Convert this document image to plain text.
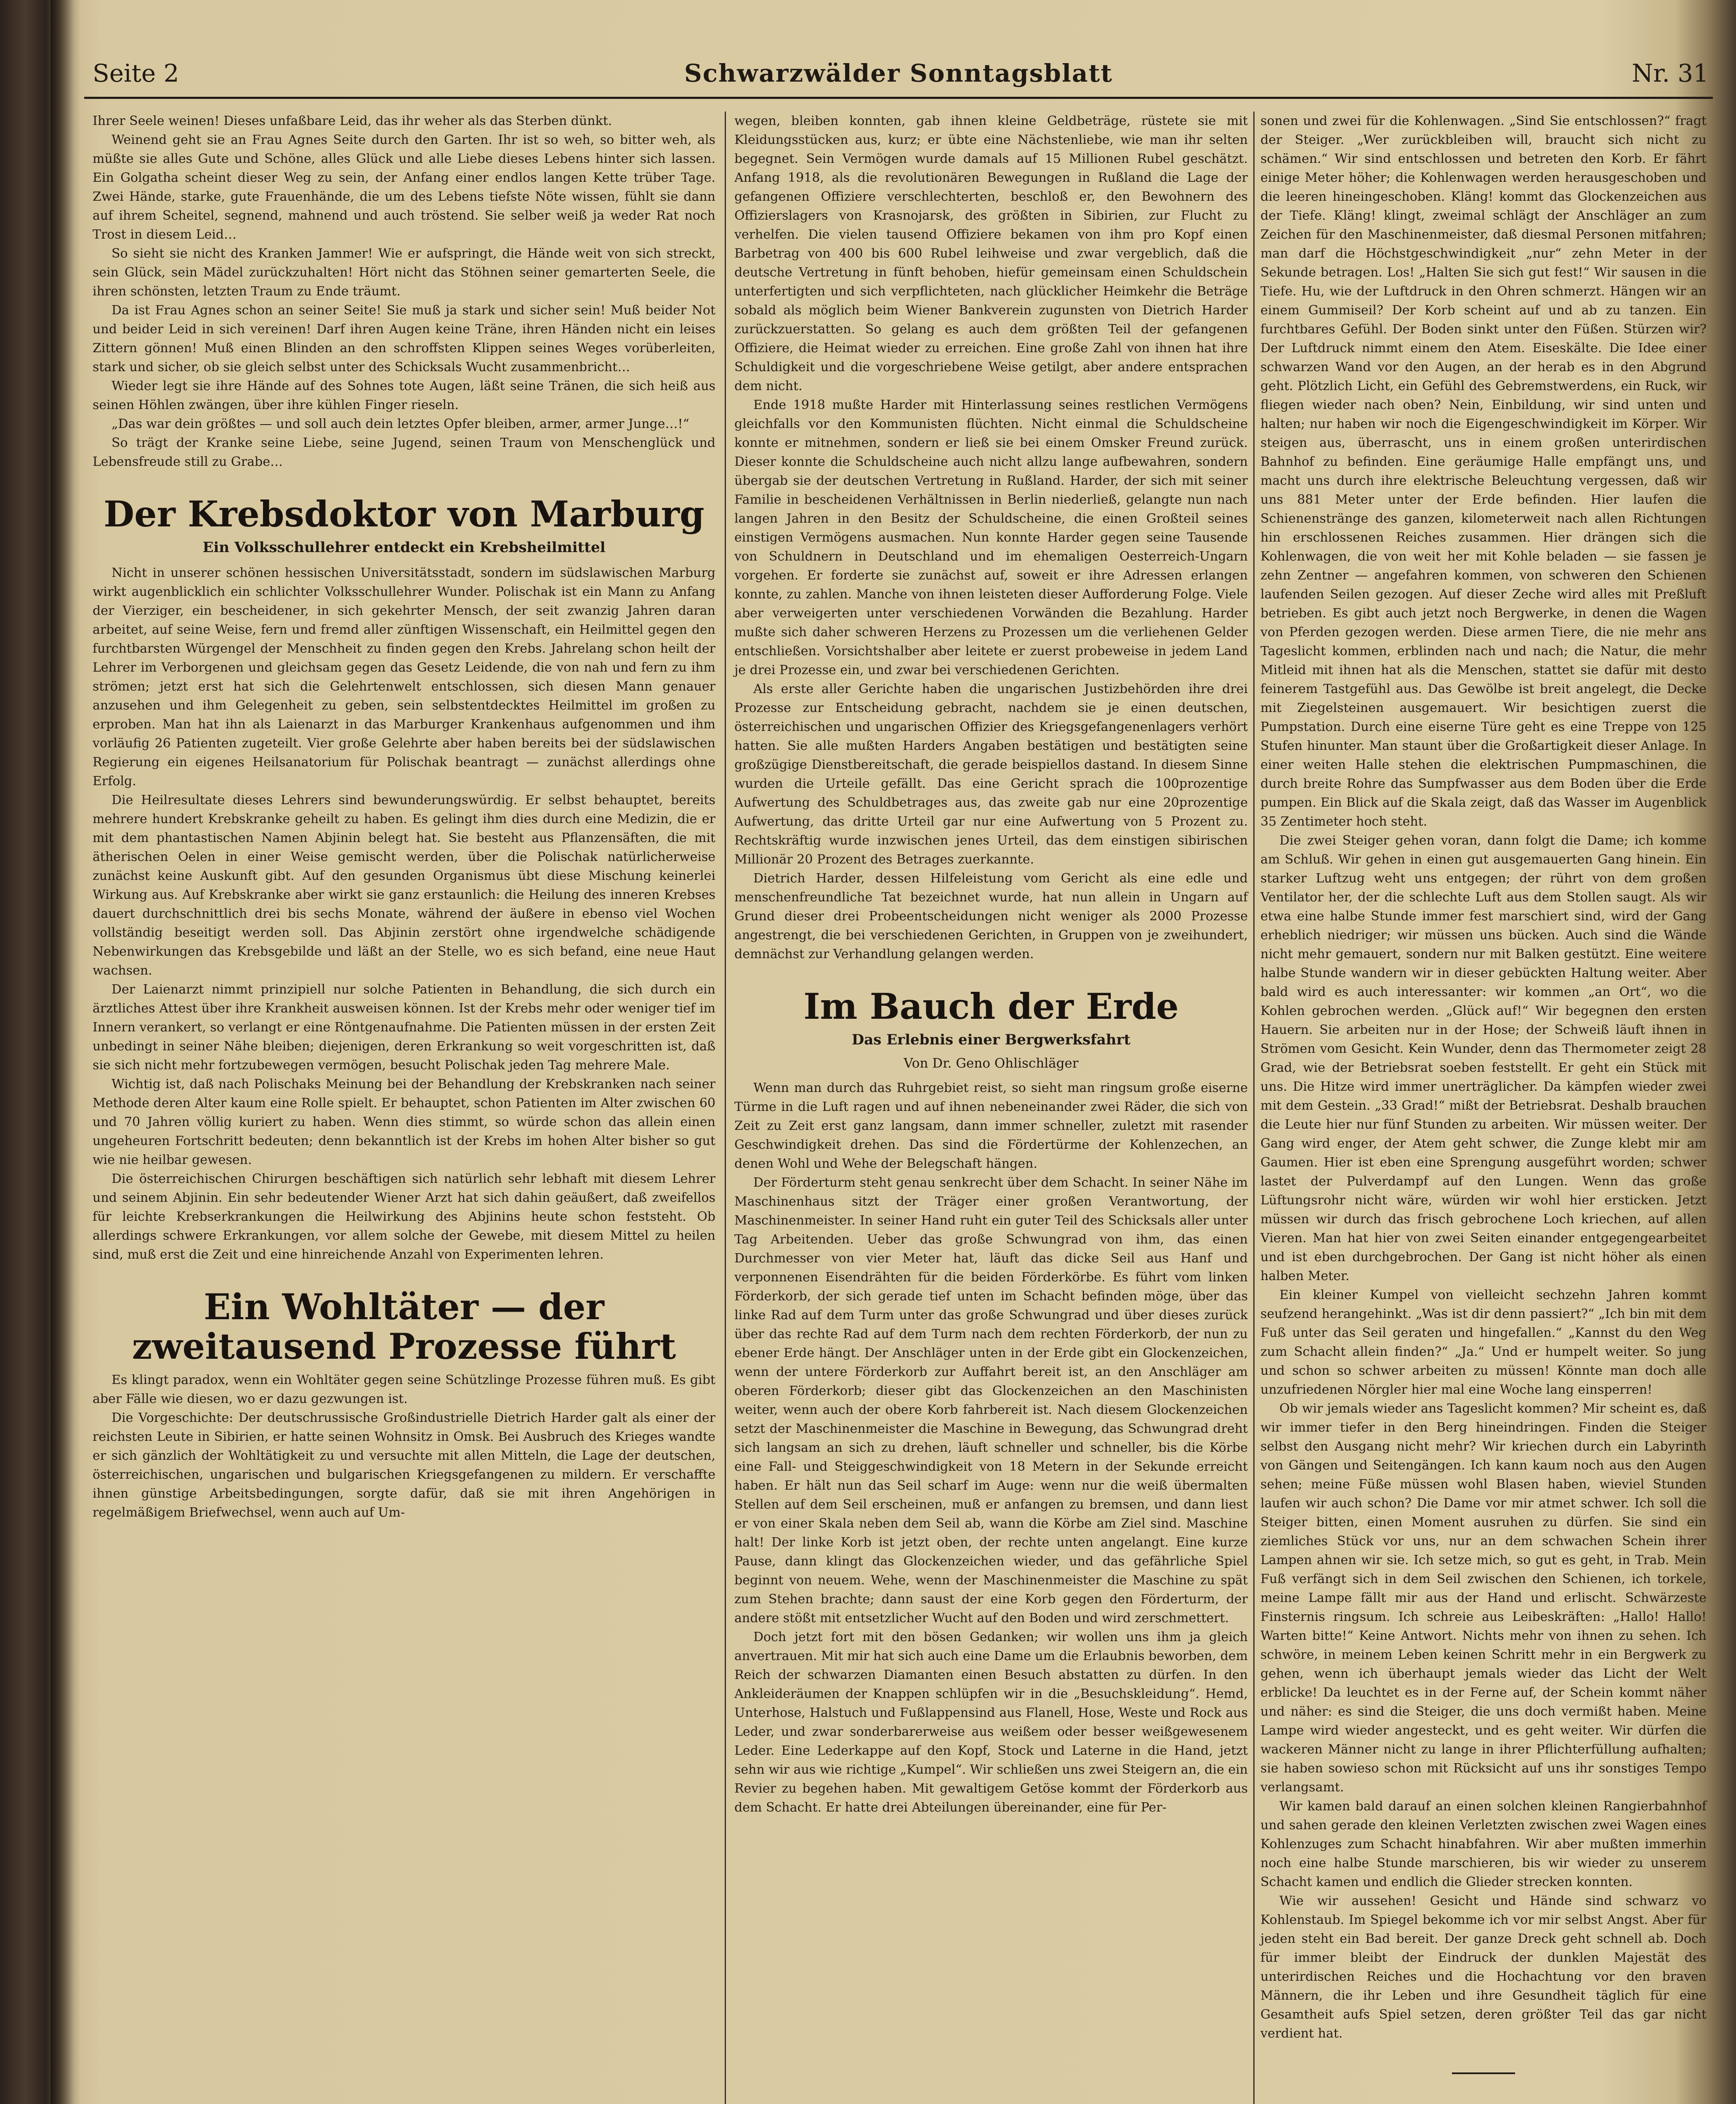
Seite 2	Schwarzwälder Sonntagsblatt	Nr. 31

Ihrer Seele weinen! Dieses unfaßbare Leid, das ihr weher als das Sterben dünkt.

Weinend geht sie an Frau Agnes Seite durch den Garten. Ihr ist so weh, so bitter weh, als müßte sie alles Gute und Schöne, alles Glück und alle Liebe dieses Lebens hinter sich lassen. Ein Golgatha scheint dieser Weg zu sein, der Anfang einer endlos langen Kette trüber Tage. Zwei Hände, starke, gute Frauenhände, die um des Lebens tiefste Nöte wissen, fühlt sie dann auf ihrem Scheitel, segnend, mahnend und auch tröstend. Sie selber weiß ja weder Rat noch Trost in diesem Leid…

So sieht sie nicht des Kranken Jammer! Wie er aufspringt, die Hände weit von sich streckt, sein Glück, sein Mädel zurückzuhalten! Hört nicht das Stöhnen seiner gemarterten Seele, die ihren schönsten, letzten Traum zu Ende träumt.

Da ist Frau Agnes schon an seiner Seite! Sie muß ja stark und sicher sein! Muß beider Not und beider Leid in sich vereinen! Darf ihren Augen keine Träne, ihren Händen nicht ein leises Zittern gönnen! Muß einen Blinden an den schroffsten Klippen seines Weges vorüberleiten, stark und sicher, ob sie gleich selbst unter des Schicksals Wucht zusammenbricht…

Wieder legt sie ihre Hände auf des Sohnes tote Augen, läßt seine Tränen, die sich heiß aus seinen Höhlen zwängen, über ihre kühlen Finger rieseln.

„Das war dein größtes — und soll auch dein letztes Opfer bleiben, armer, armer Junge…!“

So trägt der Kranke seine Liebe, seine Jugend, seinen Traum von Menschenglück und Lebensfreude still zu Grabe…

Der Krebsdoktor von Marburg
Ein Volksschullehrer entdeckt ein Krebsheilmittel

Nicht in unserer schönen hessischen Universitätsstadt, sondern im südslawischen Marburg wirkt augenblicklich ein schlichter Volksschullehrer Wunder. Polischak ist ein Mann zu Anfang der Vierziger, ein bescheidener, in sich gekehrter Mensch, der seit zwanzig Jahren daran arbeitet, auf seine Weise, fern und fremd aller zünftigen Wissenschaft, ein Heilmittel gegen den furchtbarsten Würgengel der Menschheit zu finden gegen den Krebs. Jahrelang schon heilt der Lehrer im Verborgenen und gleichsam gegen das Gesetz Leidende, die von nah und fern zu ihm strömen; jetzt erst hat sich die Gelehrtenwelt entschlossen, sich diesen Mann genauer anzusehen und ihm Gelegenheit zu geben, sein selbstentdecktes Heilmittel im großen zu erproben. Man hat ihn als Laienarzt in das Marburger Krankenhaus aufgenommen und ihm vorläufig 26 Patienten zugeteilt. Vier große Gelehrte aber haben bereits bei der südslawischen Regierung ein eigenes Heilsanatorium für Polischak beantragt — zunächst allerdings ohne Erfolg.

Die Heilresultate dieses Lehrers sind bewunderungswürdig. Er selbst behauptet, bereits mehrere hundert Krebskranke geheilt zu haben. Es gelingt ihm dies durch eine Medizin, die er mit dem phantastischen Namen Abjinin belegt hat. Sie besteht aus Pflanzensäften, die mit ätherischen Oelen in einer Weise gemischt werden, über die Polischak natürlicherweise zunächst keine Auskunft gibt. Auf den gesunden Organismus übt diese Mischung keinerlei Wirkung aus. Auf Krebskranke aber wirkt sie ganz erstaunlich: die Heilung des inneren Krebses dauert durchschnittlich drei bis sechs Monate, während der äußere in ebenso viel Wochen vollständig beseitigt werden soll. Das Abjinin zerstört ohne irgendwelche schädigende Nebenwirkungen das Krebsgebilde und läßt an der Stelle, wo es sich befand, eine neue Haut wachsen.

Der Laienarzt nimmt prinzipiell nur solche Patienten in Behandlung, die sich durch ein ärztliches Attest über ihre Krankheit ausweisen können. Ist der Krebs mehr oder weniger tief im Innern verankert, so verlangt er eine Röntgenaufnahme. Die Patienten müssen in der ersten Zeit unbedingt in seiner Nähe bleiben; diejenigen, deren Erkrankung so weit vorgeschritten ist, daß sie sich nicht mehr fortzubewegen vermögen, besucht Polischak jeden Tag mehrere Male.

Wichtig ist, daß nach Polischaks Meinung bei der Behandlung der Krebskranken nach seiner Methode deren Alter kaum eine Rolle spielt. Er behauptet, schon Patienten im Alter zwischen 60 und 70 Jahren völlig kuriert zu haben. Wenn dies stimmt, so würde schon das allein einen ungeheuren Fortschritt bedeuten; denn bekanntlich ist der Krebs im hohen Alter bisher so gut wie nie heilbar gewesen.

Die österreichischen Chirurgen beschäftigen sich natürlich sehr lebhaft mit diesem Lehrer und seinem Abjinin. Ein sehr bedeutender Wiener Arzt hat sich dahin geäußert, daß zweifellos für leichte Krebserkrankungen die Heilwirkung des Abjinins heute schon feststeht. Ob allerdings schwere Erkrankungen, vor allem solche der Gewebe, mit diesem Mittel zu heilen sind, muß erst die Zeit und eine hinreichende Anzahl von Experimenten lehren.

Ein Wohltäter — der zweitausend Prozesse führt

Es klingt paradox, wenn ein Wohltäter gegen seine Schützlinge Prozesse führen muß. Es gibt aber Fälle wie diesen, wo er dazu gezwungen ist.

Die Vorgeschichte: Der deutschrussische Großindustrielle Dietrich Harder galt als einer der reichsten Leute in Sibirien, er hatte seinen Wohnsitz in Omsk. Bei Ausbruch des Krieges wandte er sich gänzlich der Wohltätigkeit zu und versuchte mit allen Mitteln, die Lage der deutschen, österreichischen, ungarischen und bulgarischen Kriegsgefangenen zu mildern. Er verschaffte ihnen günstige Arbeitsbedingungen, sorgte dafür, daß sie mit ihren Angehörigen in regelmäßigem Briefwechsel, wenn auch auf Um-

wegen, bleiben konnten, gab ihnen kleine Geldbeträge, rüstete sie mit Kleidungsstücken aus, kurz; er übte eine Nächstenliebe, wie man ihr selten begegnet. Sein Vermögen wurde damals auf 15 Millionen Rubel geschätzt. Anfang 1918, als die revolutionären Bewegungen in Rußland die Lage der gefangenen Offiziere verschlechterten, beschloß er, den Bewohnern des Offizierslagers von Krasnojarsk, des größten in Sibirien, zur Flucht zu verhelfen. Die vielen tausend Offiziere bekamen von ihm pro Kopf einen Barbetrag von 400 bis 600 Rubel leihweise und zwar vergeblich, daß die deutsche Vertretung in fünft behoben, hiefür gemeinsam einen Schuldschein unterfertigten und sich verpflichteten, nach glücklicher Heimkehr die Beträge sobald als möglich beim Wiener Bankverein zugunsten von Dietrich Harder zurückzuerstatten. So gelang es auch dem größten Teil der gefangenen Offiziere, die Heimat wieder zu erreichen. Eine große Zahl von ihnen hat ihre Schuldigkeit und die vorgeschriebene Weise getilgt, aber andere entsprachen dem nicht.

Ende 1918 mußte Harder mit Hinterlassung seines restlichen Vermögens gleichfalls vor den Kommunisten flüchten. Nicht einmal die Schuldscheine konnte er mitnehmen, sondern er ließ sie bei einem Omsker Freund zurück. Dieser konnte die Schuldscheine auch nicht allzu lange aufbewahren, sondern übergab sie der deutschen Vertretung in Rußland. Harder, der sich mit seiner Familie in bescheidenen Verhältnissen in Berlin niederließ, gelangte nun nach langen Jahren in den Besitz der Schuldscheine, die einen Großteil seines einstigen Vermögens ausmachen. Nun konnte Harder gegen seine Tausende von Schuldnern in Deutschland und im ehemaligen Oesterreich-Ungarn vorgehen. Er forderte sie zunächst auf, soweit er ihre Adressen erlangen konnte, zu zahlen. Manche von ihnen leisteten dieser Aufforderung Folge. Viele aber verweigerten unter verschiedenen Vorwänden die Bezahlung. Harder mußte sich daher schweren Herzens zu Prozessen um die verliehenen Gelder entschließen. Vorsichtshalber aber leitete er zuerst probeweise in jedem Land je drei Prozesse ein, und zwar bei verschiedenen Gerichten.

Als erste aller Gerichte haben die ungarischen Justizbehörden ihre drei Prozesse zur Entscheidung gebracht, nachdem sie je einen deutschen, österreichischen und ungarischen Offizier des Kriegsgefangenenlagers verhört hatten. Sie alle mußten Harders Angaben bestätigen und bestätigten seine großzügige Dienstbereitschaft, die gerade beispiellos dastand. In diesem Sinne wurden die Urteile gefällt. Das eine Gericht sprach die 100prozentige Aufwertung des Schuldbetrages aus, das zweite gab nur eine 20prozentige Aufwertung, das dritte Urteil gar nur eine Aufwertung von 5 Prozent zu. Rechtskräftig wurde inzwischen jenes Urteil, das dem einstigen sibirischen Millionär 20 Prozent des Betrages zuerkannte.

Dietrich Harder, dessen Hilfeleistung vom Gericht als eine edle und menschenfreundliche Tat bezeichnet wurde, hat nun allein in Ungarn auf Grund dieser drei Probeentscheidungen nicht weniger als 2000 Prozesse angestrengt, die bei verschiedenen Gerichten, in Gruppen von je zweihundert, demnächst zur Verhandlung gelangen werden.

Im Bauch der Erde
Das Erlebnis einer Bergwerksfahrt
Von Dr. Geno Ohlischläger

Wenn man durch das Ruhrgebiet reist, so sieht man ringsum große eiserne Türme in die Luft ragen und auf ihnen nebeneinander zwei Räder, die sich von Zeit zu Zeit erst ganz langsam, dann immer schneller, zuletzt mit rasender Geschwindigkeit drehen. Das sind die Fördertürme der Kohlenzechen, an denen Wohl und Wehe der Belegschaft hängen.

Der Förderturm steht genau senkrecht über dem Schacht. In seiner Nähe im Maschinenhaus sitzt der Träger einer großen Verantwortung, der Maschinenmeister. In seiner Hand ruht ein guter Teil des Schicksals aller unter Tag Arbeitenden. Ueber das große Schwungrad von ihm, das einen Durchmesser von vier Meter hat, läuft das dicke Seil aus Hanf und verponnenen Eisendrähten für die beiden Förderkörbe. Es führt vom linken Förderkorb, der sich gerade tief unten im Schacht befinden möge, über das linke Rad auf dem Turm unter das große Schwungrad und über dieses zurück über das rechte Rad auf dem Turm nach dem rechten Förderkorb, der nun zu ebener Erde hängt. Der Anschläger unten in der Erde gibt ein Glockenzeichen, wenn der untere Förderkorb zur Auffahrt bereit ist, an den Anschläger am oberen Förderkorb; dieser gibt das Glockenzeichen an den Maschinisten weiter, wenn auch der obere Korb fahrbereit ist. Nach diesem Glockenzeichen setzt der Maschinenmeister die Maschine in Bewegung, das Schwungrad dreht sich langsam an sich zu drehen, läuft schneller und schneller, bis die Körbe eine Fall- und Steiggeschwindigkeit von 18 Metern in der Sekunde erreicht haben. Er hält nun das Seil scharf im Auge: wenn nur die weiß übermalten Stellen auf dem Seil erscheinen, muß er anfangen zu bremsen, und dann liest er von einer Skala neben dem Seil ab, wann die Körbe am Ziel sind. Maschine halt! Der linke Korb ist jetzt oben, der rechte unten angelangt. Eine kurze Pause, dann klingt das Glockenzeichen wieder, und das gefährliche Spiel beginnt von neuem. Wehe, wenn der Maschinenmeister die Maschine zu spät zum Stehen brachte; dann saust der eine Korb gegen den Förderturm, der andere stößt mit entsetzlicher Wucht auf den Boden und wird zerschmettert.

Doch jetzt fort mit den bösen Gedanken; wir wollen uns ihm ja gleich anvertrauen. Mit mir hat sich auch eine Dame um die Erlaubnis beworben, dem Reich der schwarzen Diamanten einen Besuch abstatten zu dürfen. In den Ankleideräumen der Knappen schlüpfen wir in die „Besuchskleidung“. Hemd, Unterhose, Halstuch und Fußlappensind aus Flanell, Hose, Weste und Rock aus Leder, und zwar sonderbarerweise aus weißem oder besser weißgewesenem Leder. Eine Lederkappe auf den Kopf, Stock und Laterne in die Hand, jetzt sehn wir aus wie richtige „Kumpel“. Wir schließen uns zwei Steigern an, die ein Revier zu begehen haben. Mit gewaltigem Getöse kommt der Förderkorb aus dem Schacht. Er hatte drei Abteilungen übereinander, eine für Per-

sonen und zwei für die Kohlenwagen. „Sind Sie entschlossen?“ fragt der Steiger. „Wer zurückbleiben will, braucht sich nicht zu schämen.“ Wir sind entschlossen und betreten den Korb. Er fährt einige Meter höher; die Kohlenwagen werden herausgeschoben und die leeren hineingeschoben. Kläng! kommt das Glockenzeichen aus der Tiefe. Kläng! klingt, zweimal schlägt der Anschläger an zum Zeichen für den Maschinenmeister, daß diesmal Personen mitfahren; man darf die Höchstgeschwindigkeit „nur“ zehn Meter in der Sekunde betragen. Los! „Halten Sie sich gut fest!“ Wir sausen in die Tiefe. Hu, wie der Luftdruck in den Ohren schmerzt. Hängen wir an einem Gummiseil? Der Korb scheint auf und ab zu tanzen. Ein furchtbares Gefühl. Der Boden sinkt unter den Füßen. Stürzen wir? Der Luftdruck nimmt einem den Atem. Eiseskälte. Die Idee einer schwarzen Wand vor den Augen, an der herab es in den Abgrund geht. Plötzlich Licht, ein Gefühl des Gebremstwerdens, ein Ruck, wir fliegen wieder nach oben? Nein, Einbildung, wir sind unten und halten; nur haben wir noch die Eigengeschwindigkeit im Körper. Wir steigen aus, überrascht, uns in einem großen unterirdischen Bahnhof zu befinden. Eine geräumige Halle empfängt uns, und macht uns durch ihre elektrische Beleuchtung vergessen, daß wir uns 881 Meter unter der Erde befinden. Hier laufen die Schienenstränge des ganzen, kilometerweit nach allen Richtungen hin erschlossenen Reiches zusammen. Hier drängen sich die Kohlenwagen, die von weit her mit Kohle beladen — sie fassen je zehn Zentner — angefahren kommen, von schweren den Schienen laufenden Seilen gezogen. Auf dieser Zeche wird alles mit Preßluft betrieben. Es gibt auch jetzt noch Bergwerke, in denen die Wagen von Pferden gezogen werden. Diese armen Tiere, die nie mehr ans Tageslicht kommen, erblinden nach und nach; die Natur, die mehr Mitleid mit ihnen hat als die Menschen, stattet sie dafür mit desto feinerem Tastgefühl aus. Das Gewölbe ist breit angelegt, die Decke mit Ziegelsteinen ausgemauert. Wir besichtigen zuerst die Pumpstation. Durch eine eiserne Türe geht es eine Treppe von 125 Stufen hinunter. Man staunt über die Großartigkeit dieser Anlage. In einer weiten Halle stehen die elektrischen Pumpmaschinen, die durch breite Rohre das Sumpfwasser aus dem Boden über die Erde pumpen. Ein Blick auf die Skala zeigt, daß das Wasser im Augenblick 35 Zentimeter hoch steht.

Die zwei Steiger gehen voran, dann folgt die Dame; ich komme am Schluß. Wir gehen in einen gut ausgemauerten Gang hinein. Ein starker Luftzug weht uns entgegen; der rührt von dem großen Ventilator her, der die schlechte Luft aus dem Stollen saugt. Als wir etwa eine halbe Stunde immer fest marschiert sind, wird der Gang erheblich niedriger; wir müssen uns bücken. Auch sind die Wände nicht mehr gemauert, sondern nur mit Balken gestützt. Eine weitere halbe Stunde wandern wir in dieser gebückten Haltung weiter. Aber bald wird es auch interessanter: wir kommen „an Ort“, wo die Kohlen gebrochen werden. „Glück auf!“ Wir begegnen den ersten Hauern. Sie arbeiten nur in der Hose; der Schweiß läuft ihnen in Strömen vom Gesicht. Kein Wunder, denn das Thermometer zeigt 28 Grad, wie der Betriebsrat soeben feststellt. Er geht ein Stück mit uns. Die Hitze wird immer unerträglicher. Da kämpfen wieder zwei mit dem Gestein. „33 Grad!“ mißt der Betriebsrat. Deshalb brauchen die Leute hier nur fünf Stunden zu arbeiten. Wir müssen weiter. Der Gang wird enger, der Atem geht schwer, die Zunge klebt mir am Gaumen. Hier ist eben eine Sprengung ausgeführt worden; schwer lastet der Pulverdampf auf den Lungen. Wenn das große Lüftungsrohr nicht wäre, würden wir wohl hier ersticken. Jetzt müssen wir durch das frisch gebrochene Loch kriechen, auf allen Vieren. Man hat hier von zwei Seiten einander entgegengearbeitet und ist eben durchgebrochen. Der Gang ist nicht höher als einen halben Meter.

Ein kleiner Kumpel von vielleicht sechzehn Jahren kommt seufzend herangehinkt. „Was ist dir denn passiert?“ „Ich bin mit dem Fuß unter das Seil geraten und hingefallen.“ „Kannst du den Weg zum Schacht allein finden?“ „Ja.“ Und er humpelt weiter. So jung und schon so schwer arbeiten zu müssen! Könnte man doch alle unzufriedenen Nörgler hier mal eine Woche lang einsperren!

Ob wir jemals wieder ans Tageslicht kommen? Mir scheint es, daß wir immer tiefer in den Berg hineindringen. Finden die Steiger selbst den Ausgang nicht mehr? Wir kriechen durch ein Labyrinth von Gängen und Seitengängen. Ich kann kaum noch aus den Augen sehen; meine Füße müssen wohl Blasen haben, wieviel Stunden laufen wir auch schon? Die Dame vor mir atmet schwer. Ich soll die Steiger bitten, einen Moment ausruhen zu dürfen. Sie sind ein ziemliches Stück vor uns, nur an dem schwachen Schein ihrer Lampen ahnen wir sie. Ich setze mich, so gut es geht, in Trab. Mein Fuß verfängt sich in dem Seil zwischen den Schienen, ich torkele, meine Lampe fällt mir aus der Hand und erlischt. Schwärzeste Finsternis ringsum. Ich schreie aus Leibeskräften: „Hallo! Hallo! Warten bitte!“ Keine Antwort. Nichts mehr von ihnen zu sehen. Ich schwöre, in meinem Leben keinen Schritt mehr in ein Bergwerk zu gehen, wenn ich überhaupt jemals wieder das Licht der Welt erblicke! Da leuchtet es in der Ferne auf, der Schein kommt näher und näher: es sind die Steiger, die uns doch vermißt haben. Meine Lampe wird wieder angesteckt, und es geht weiter. Wir dürfen die wackeren Männer nicht zu lange in ihrer Pflichterfüllung aufhalten; sie haben sowieso schon mit Rücksicht auf uns ihr sonstiges Tempo verlangsamt.

Wir kamen bald darauf an einen solchen kleinen Rangierbahnhof und sahen gerade den kleinen Verletzten zwischen zwei Wagen eines Kohlenzuges zum Schacht hinabfahren. Wir aber mußten immerhin noch eine halbe Stunde marschieren, bis wir wieder zu unserem Schacht kamen und endlich die Glieder strecken konnten.

Wie wir aussehen! Gesicht und Hände sind schwarz vo Kohlenstaub. Im Spiegel bekomme ich vor mir selbst Angst. Aber für jeden steht ein Bad bereit. Der ganze Dreck geht schnell ab. Doch für immer bleibt der Eindruck der dunklen Majestät des unterirdischen Reiches und die Hochachtung vor den braven Männern, die ihr Leben und ihre Gesundheit täglich für eine Gesamtheit aufs Spiel setzen, deren größter Teil das gar nicht verdient hat.
